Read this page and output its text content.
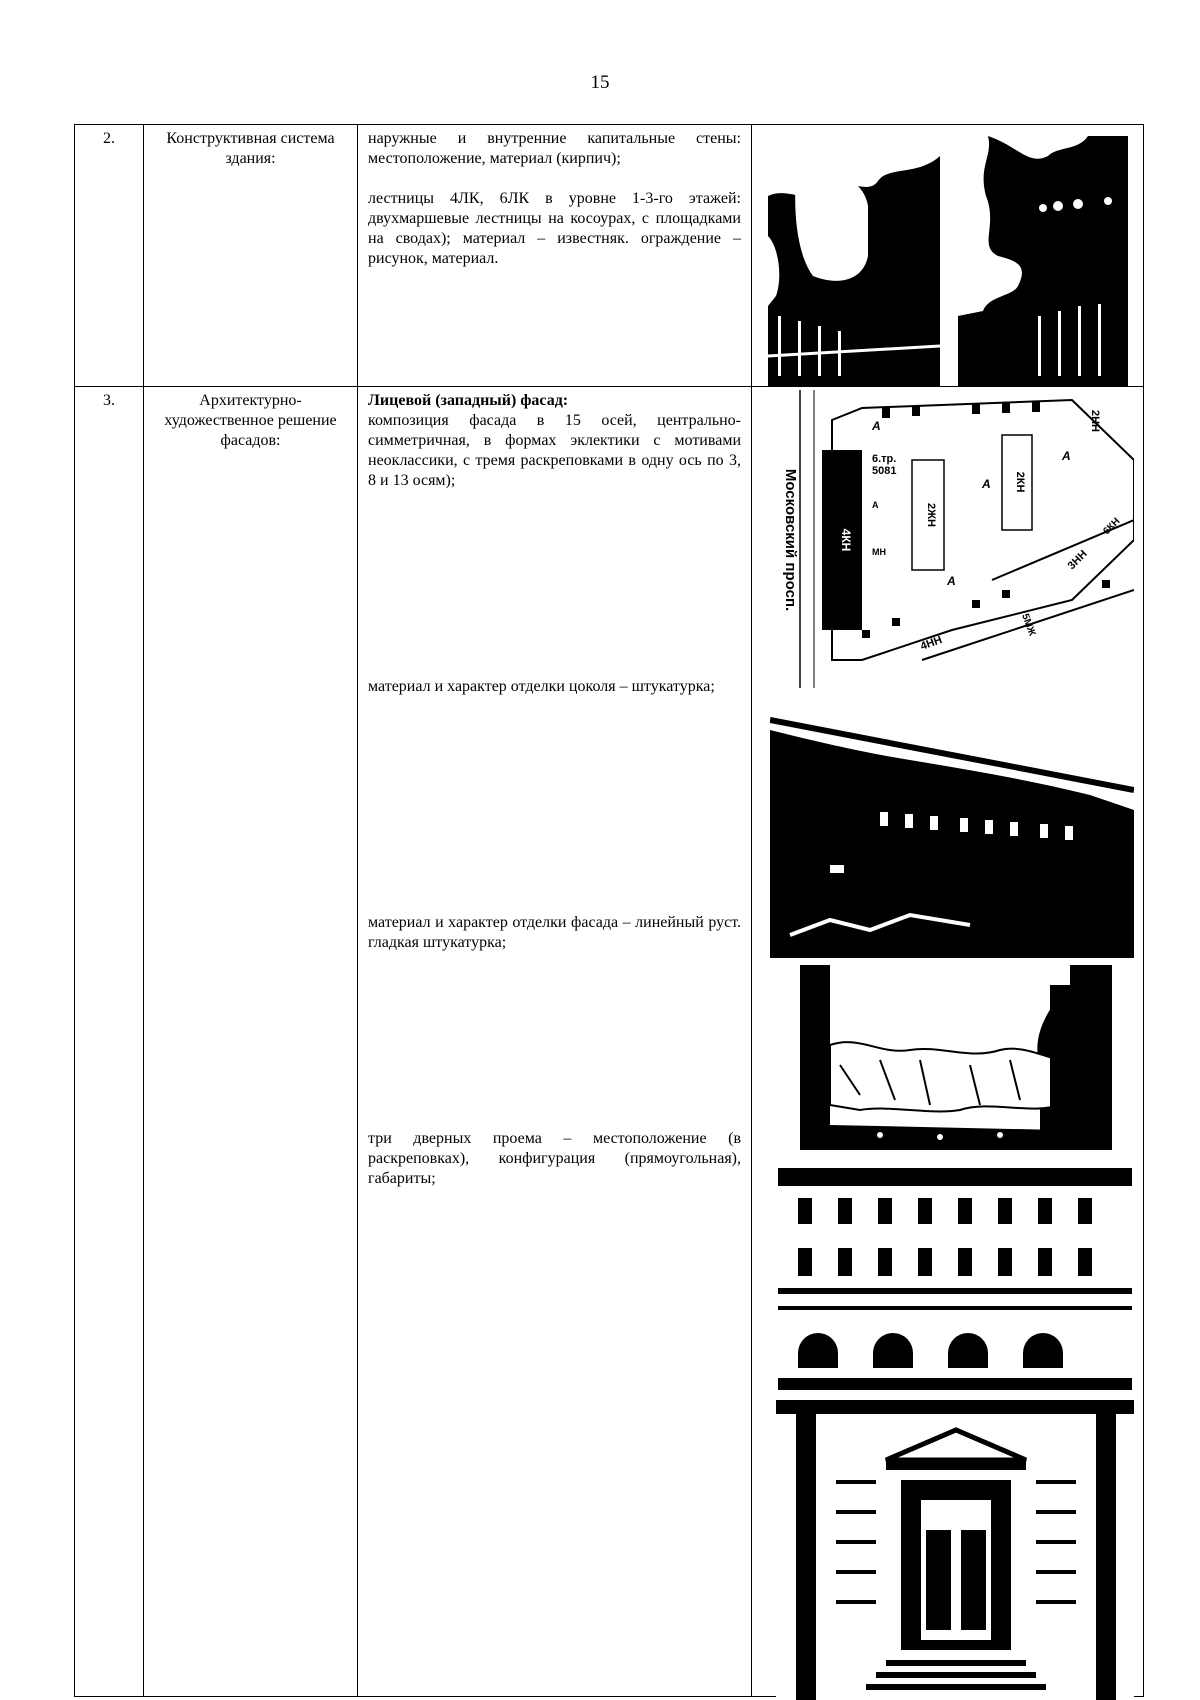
15
2.	Конструктивная система здания:	наружные и внутренние капитальные стены: местоположение, материал (кирпич);

лестницы 4ЛК, 6ЛК в уровне 1-3-го этажей: двухмаршевые лестницы на косоурах, с площадками на сводах); материал – известняк. ограждение – рисунок, материал.	

3.	Архитектурно-художественное решение фасадов:	Лицевой (западный) фасад:

композиция фасада в 15 осей, центрально-симметричная, в формах эклектики с мотивами неоклассики, с тремя раскреповками в одну ось по 3, 8 и 13 осям);

материал и характер отделки цоколя – штукатурка;

материал и характер отделки фасада – линейный руст. гладкая штукатурка;

три дверных проема – местоположение (в раскреповках), конфигурация (прямоугольная), габариты;	

4КН
2ЖН
2КН
6.тр.
5081
2НН
3НН
4НН
5МЖ
6КН
А
А
А
А
А
МН
Московский просп.
